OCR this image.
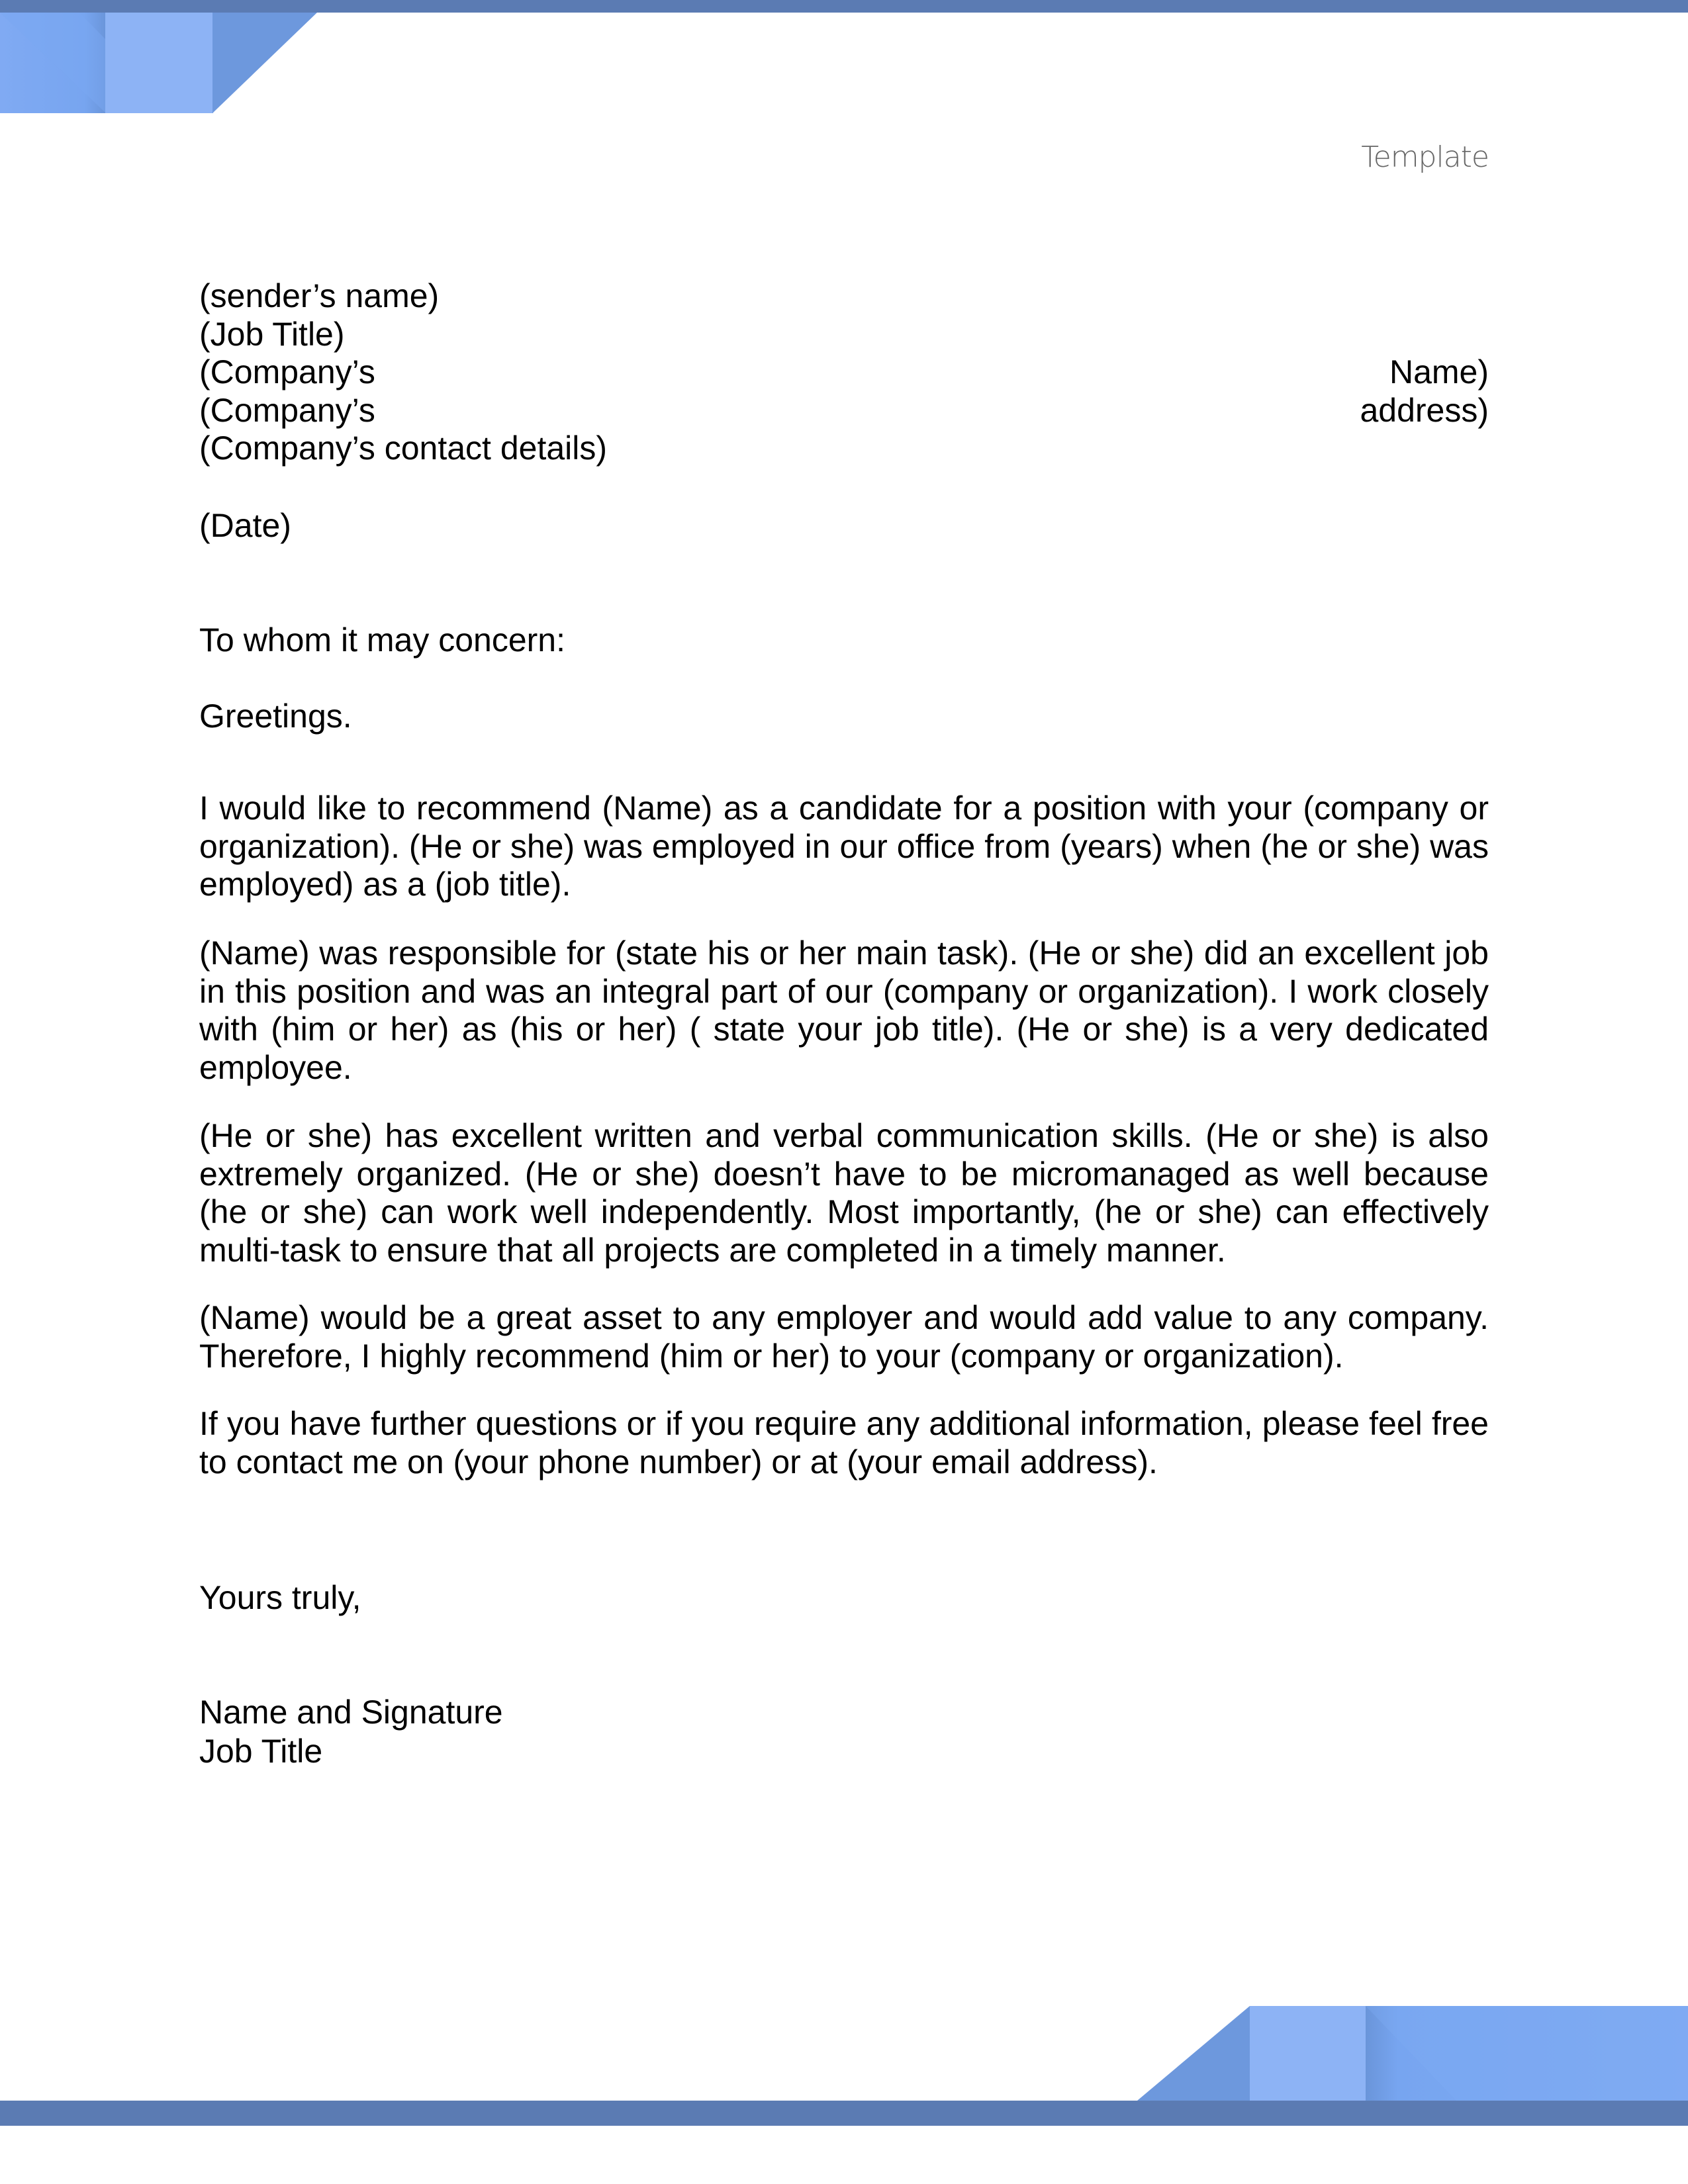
Template
(sender’s name)
(Job Title)
(Company’s	Name)
(Company’s	address)
(Company’s contact details)
(Date)
To whom it may concern:
Greetings.
I would like to recommend (Name) as a candidate for a position with your (company or organization). (He or she) was employed in our office from (years) when (he or she) was employed) as a (job title).
(Name) was responsible for (state his or her main task). (He or she) did an excellent job in this position and was an integral part of our (company or organization). I work closely with (him or her) as (his or her) ( state your job title). (He or she) is a very dedicated employee.
(He or she) has excellent written and verbal communication skills. (He or she) is also extremely organized. (He or she) doesn’t have to be micromanaged as well because (he or she) can work well independently. Most importantly, (he or she) can effectively multi-task to ensure that all projects are completed in a timely manner.
(Name) would be a great asset to any employer and would add value to any company. Therefore, I highly recommend (him or her) to your (company or organization).
If you have further questions or if you require any additional information, please feel free to contact me on (your phone number) or at (your email address).
Yours truly,
Name and Signature
Job Title
